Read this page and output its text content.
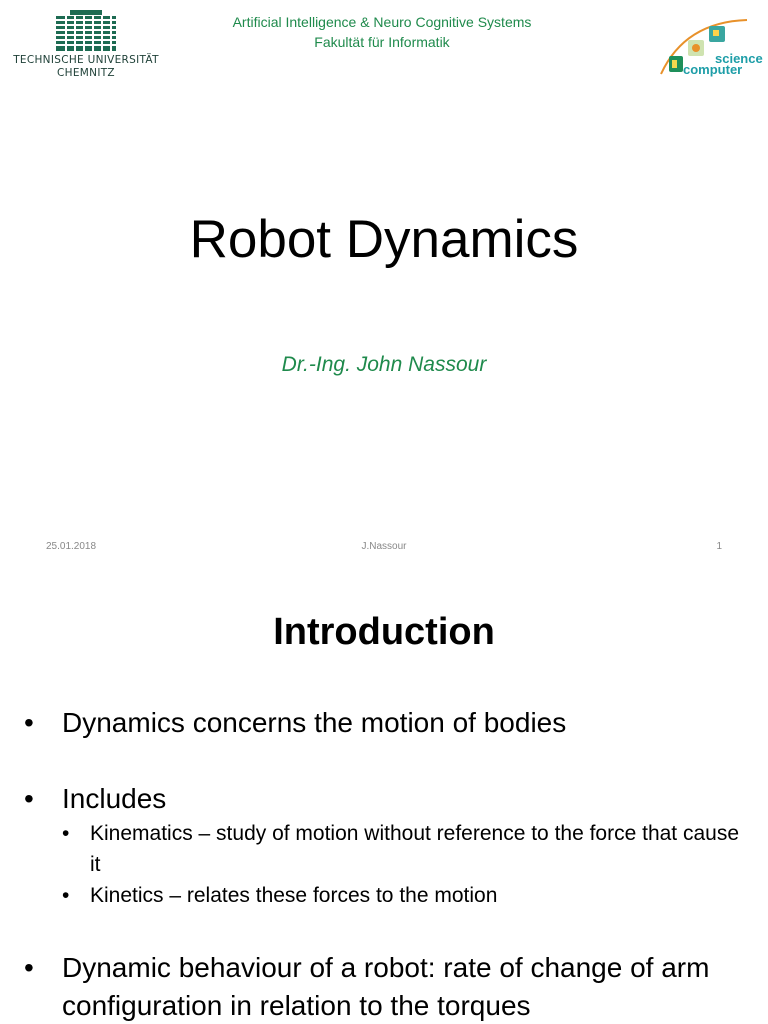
TECHNISCHE UNIVERSITÄT
CHEMNITZ
Artificial Intelligence & Neuro Cognitive Systems
Fakultät für Informatik
science
computer
Robot Dynamics
Dr.-Ing. John Nassour
25.01.2018	J.Nassour	1
Introduction
• Dynamics concerns the motion of bodies
• Includes
• Kinematics – study of motion without reference to the force that cause it
• Kinetics – relates these forces to the motion
• Dynamic behaviour of a robot: rate of change of arm configuration in relation to the torques
